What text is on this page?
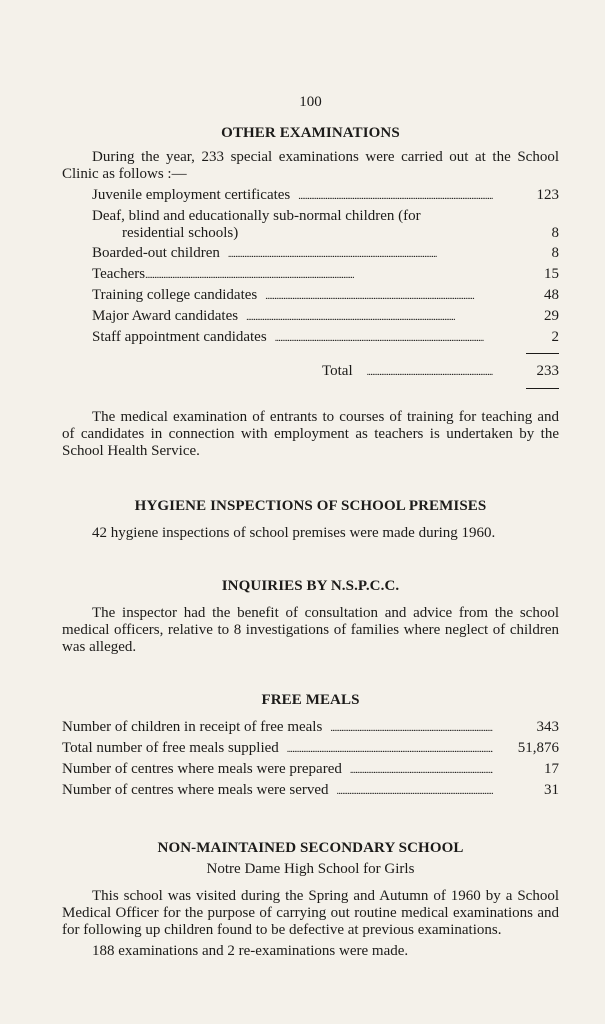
100
OTHER EXAMINATIONS
During the year, 233 special examinations were carried out at the School Clinic as follows :—
Juvenile employment certificates . . .	123
Deaf, blind and educationally sub-normal children (for
residential schools)	8
Boarded-out children . . .	8
Teachers . . .	15
Training college candidates . . .	48
Major Award candidates . . .	29
Staff appointment candidates . . .	2
Total . . .	233
The medical examination of entrants to courses of training for teaching and of candidates in connection with employment as teachers is undertaken by the School Health Service.
HYGIENE INSPECTIONS OF SCHOOL PREMISES
42 hygiene inspections of school premises were made during 1960.
INQUIRIES BY N.S.P.C.C.
The inspector had the benefit of consultation and advice from the school medical officers, relative to 8 investigations of families where neglect of children was alleged.
FREE MEALS
Number of children in receipt of free meals . . .	343
Total number of free meals supplied . . .	51,876
Number of centres where meals were prepared . . .	17
Number of centres where meals were served . . .	31
NON-MAINTAINED SECONDARY SCHOOL
Notre Dame High School for Girls
This school was visited during the Spring and Autumn of 1960 by a School Medical Officer for the purpose of carrying out routine medical examinations and for following up children found to be defective at previous examinations.
188 examinations and 2 re-examinations were made.
